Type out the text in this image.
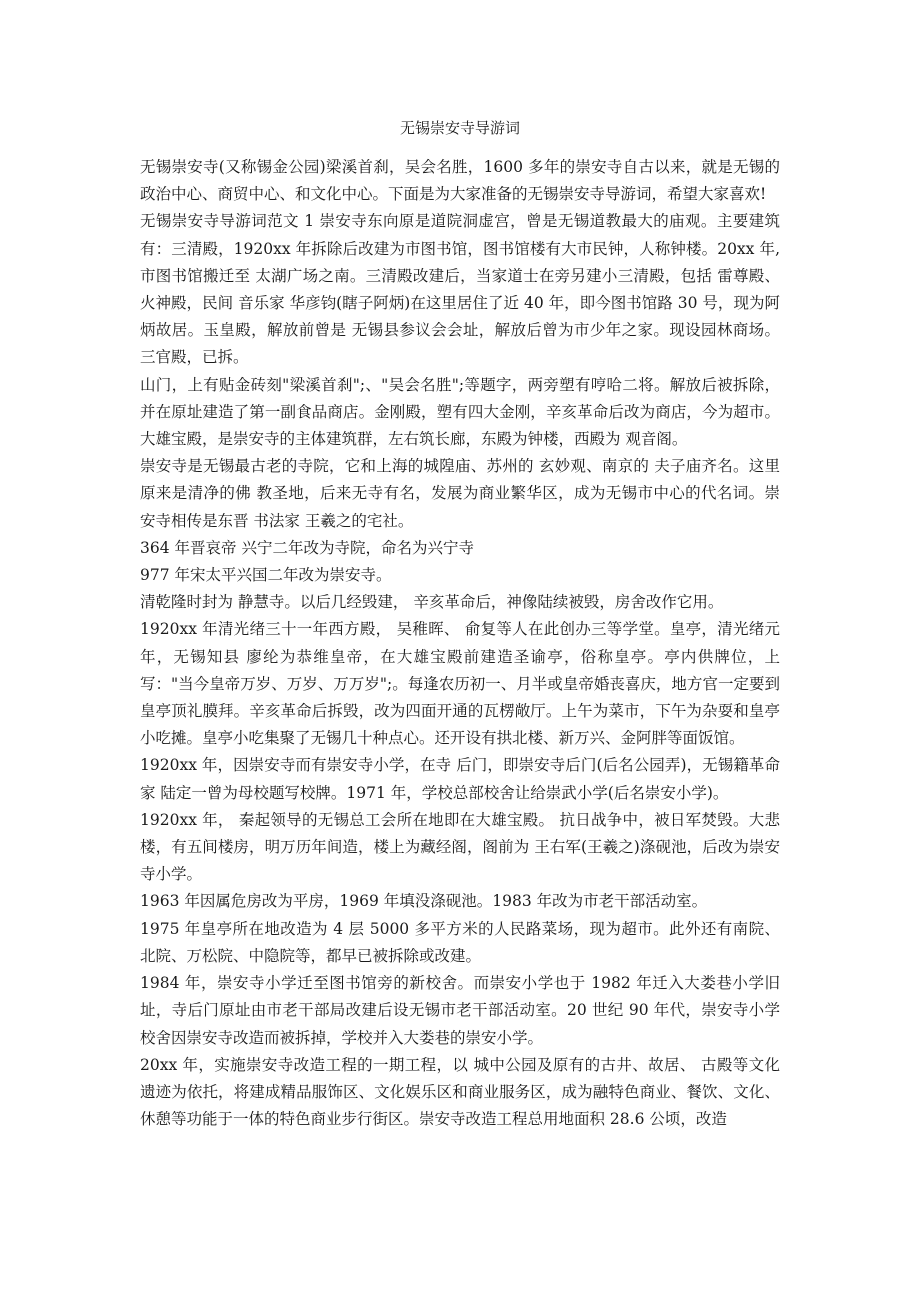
无锡崇安寺导游词

无锡崇安寺(又称锡金公园)梁溪首刹，吴会名胜，1600 多年的崇安寺自古以来，就是无锡的政治中心、商贸中心、和文化中心。下面是为大家准备的无锡崇安寺导游词，希望大家喜欢!

无锡崇安寺导游词范文 1 崇安寺东向原是道院洞虚宫，曾是无锡道教最大的庙观。主要建筑有：三清殿，1920xx 年拆除后改建为市图书馆，图书馆楼有大市民钟，人称钟楼。20xx 年,市图书馆搬迁至 太湖广场之南。三清殿改建后，当家道士在旁另建小三清殿，包括 雷尊殿、火神殿，民间 音乐家 华彦钧(瞎子阿炳)在这里居住了近 40 年，即今图书馆路 30 号，现为阿炳故居。玉皇殿，解放前曾是 无锡县参议会会址，解放后曾为市少年之家。现设园林商场。三官殿，已拆。

山门，上有贴金砖刻"梁溪首刹";、"吴会名胜";等题字，两旁塑有哼哈二将。解放后被拆除，并在原址建造了第一副食品商店。金刚殿，塑有四大金刚，辛亥革命后改为商店，今为超市。大雄宝殿，是崇安寺的主体建筑群，左右筑长廊，东殿为钟楼，西殿为 观音阁。

崇安寺是无锡最古老的寺院，它和上海的城隍庙、苏州的 玄妙观、南京的 夫子庙齐名。这里原来是清净的佛 教圣地，后来无寺有名，发展为商业繁华区，成为无锡市中心的代名词。崇安寺相传是东晋 书法家 王羲之的宅社。

364 年晋哀帝 兴宁二年改为寺院，命名为兴宁寺

977 年宋太平兴国二年改为崇安寺。

清乾隆时封为 静慧寺。以后几经毁建， 辛亥革命后，神像陆续被毁，房舍改作它用。

1920xx 年清光绪三十一年西方殿， 吴稚晖、 俞复等人在此创办三等学堂。皇亭，清光绪元年，无锡知县 廖纶为恭维皇帝，在大雄宝殿前建造圣谕亭，俗称皇亭。亭内供牌位，上写："当今皇帝万岁、万岁、万万岁";。每逢农历初一、月半或皇帝婚丧喜庆，地方官一定要到皇亭顶礼膜拜。辛亥革命后拆毁，改为四面开通的瓦楞敞厅。上午为菜市，下午为杂耍和皇亭小吃摊。皇亭小吃集聚了无锡几十种点心。还开设有拱北楼、新万兴、金阿胖等面饭馆。

1920xx 年，因崇安寺而有崇安寺小学，在寺 后门，即崇安寺后门(后名公园弄)，无锡籍革命家 陆定一曾为母校题写校牌。1971 年，学校总部校舍让给崇武小学(后名崇安小学)。

1920xx 年， 秦起领导的无锡总工会所在地即在大雄宝殿。 抗日战争中，被日军焚毁。大悲楼，有五间楼房，明万历年间造，楼上为藏经阁，阁前为 王右军(王羲之)涤砚池，后改为崇安寺小学。

1963 年因属危房改为平房，1969 年填没涤砚池。1983 年改为市老干部活动室。

1975 年皇亭所在地改造为 4 层 5000 多平方米的人民路菜场，现为超市。此外还有南院、北院、万松院、中隐院等，都早已被拆除或改建。

1984 年，崇安寺小学迁至图书馆旁的新校舍。而崇安小学也于 1982 年迁入大娄巷小学旧址，寺后门原址由市老干部局改建后设无锡市老干部活动室。20 世纪 90 年代，崇安寺小学校舍因崇安寺改造而被拆掉，学校并入大娄巷的崇安小学。

20xx 年，实施崇安寺改造工程的一期工程，以 城中公园及原有的古井、故居、 古殿等文化遗迹为依托，将建成精品服饰区、文化娱乐区和商业服务区，成为融特色商业、餐饮、文化、休憩等功能于一体的特色商业步行街区。崇安寺改造工程总用地面积 28.6 公顷，改造
